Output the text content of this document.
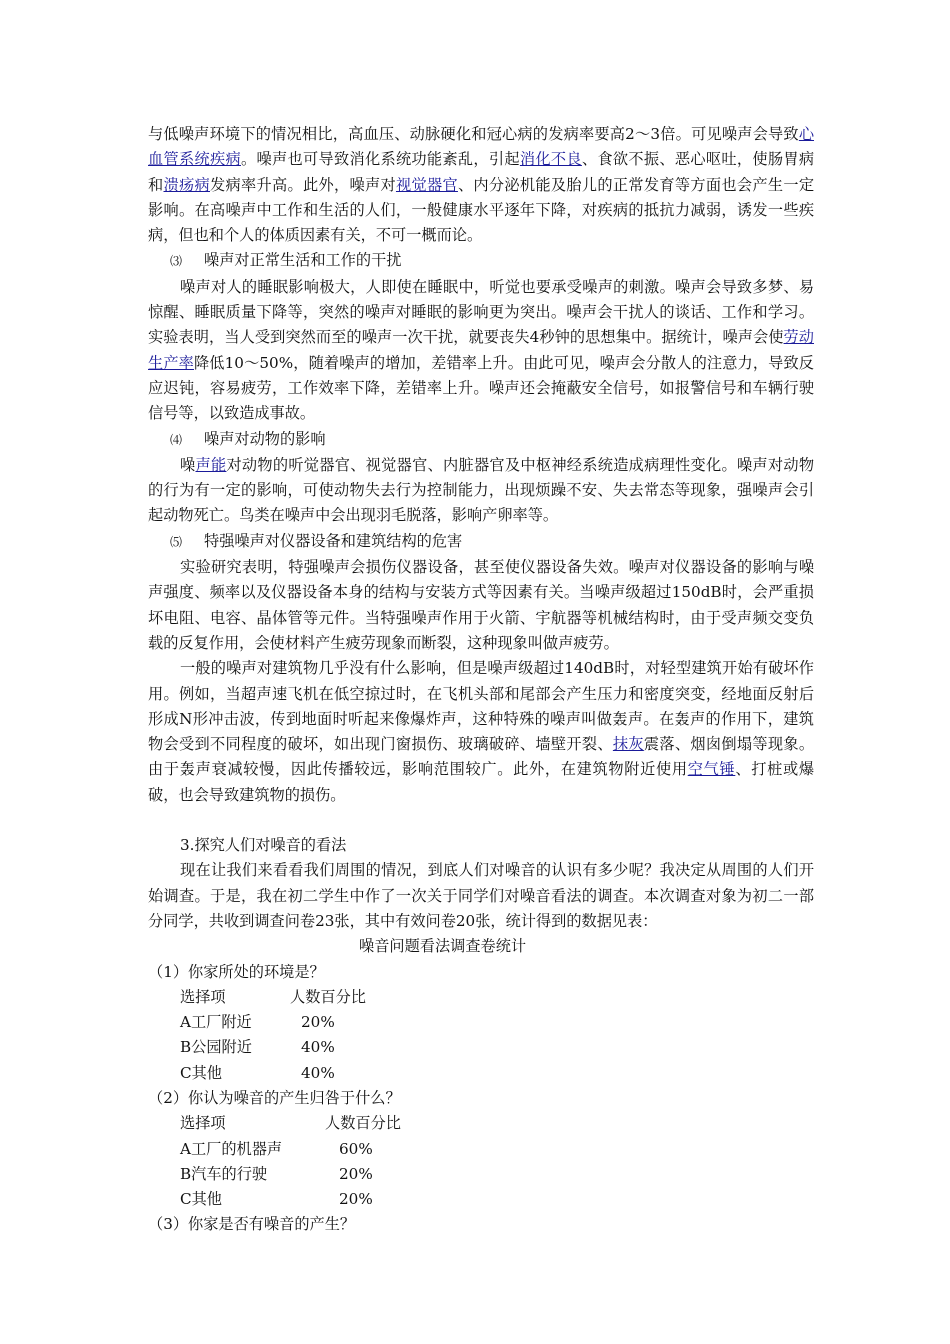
与低噪声环境下的情况相比，高血压、动脉硬化和冠心病的发病率要高2～3倍。可见噪声会导致心血管系统疾病。噪声也可导致消化系统功能紊乱，引起消化不良、食欲不振、恶心呕吐，使肠胃病和溃疡病发病率升高。此外，噪声对视觉器官、内分泌机能及胎儿的正常发育等方面也会产生一定影响。在高噪声中工作和生活的人们，一般健康水平逐年下降，对疾病的抵抗力减弱，诱发一些疾病，但也和个人的体质因素有关，不可一概而论。

⑶ 噪声对正常生活和工作的干扰

噪声对人的睡眠影响极大，人即使在睡眠中，听觉也要承受噪声的刺激。噪声会导致多梦、易惊醒、睡眠质量下降等，突然的噪声对睡眠的影响更为突出。噪声会干扰人的谈话、工作和学习。实验表明，当人受到突然而至的噪声一次干扰，就要丧失4秒钟的思想集中。据统计，噪声会使劳动生产率降低10～50%，随着噪声的增加，差错率上升。由此可见，噪声会分散人的注意力，导致反应迟钝，容易疲劳，工作效率下降，差错率上升。噪声还会掩蔽安全信号，如报警信号和车辆行驶信号等，以致造成事故。

⑷ 噪声对动物的影响

噪声能对动物的听觉器官、视觉器官、内脏器官及中枢神经系统造成病理性变化。噪声对动物的行为有一定的影响，可使动物失去行为控制能力，出现烦躁不安、失去常态等现象，强噪声会引起动物死亡。鸟类在噪声中会出现羽毛脱落，影响产卵率等。

⑸ 特强噪声对仪器设备和建筑结构的危害

实验研究表明，特强噪声会损伤仪器设备，甚至使仪器设备失效。噪声对仪器设备的影响与噪声强度、频率以及仪器设备本身的结构与安装方式等因素有关。当噪声级超过150dB时，会严重损坏电阻、电容、晶体管等元件。当特强噪声作用于火箭、宇航器等机械结构时，由于受声频交变负载的反复作用，会使材料产生疲劳现象而断裂，这种现象叫做声疲劳。

一般的噪声对建筑物几乎没有什么影响，但是噪声级超过140dB时，对轻型建筑开始有破坏作用。例如，当超声速飞机在低空掠过时，在飞机头部和尾部会产生压力和密度突变，经地面反射后形成N形冲击波，传到地面时听起来像爆炸声，这种特殊的噪声叫做轰声。在轰声的作用下，建筑物会受到不同程度的破坏，如出现门窗损伤、玻璃破碎、墙壁开裂、抹灰震落、烟囱倒塌等现象。由于轰声衰减较慢，因此传播较远，影响范围较广。此外，在建筑物附近使用空气锤、打桩或爆破，也会导致建筑物的损伤。

3.探究人们对噪音的看法

现在让我们来看看我们周围的情况，到底人们对噪音的认识有多少呢？我决定从周围的人们开始调查。于是，我在初二学生中作了一次关于同学们对噪音看法的调查。本次调查对象为初二一部分同学，共收到调查问卷23张，其中有效问卷20张，统计得到的数据见表：

噪音问题看法调查卷统计

（1）你家所处的环境是？

选择项	人数百分比
A工厂附近	20%
B公园附近	40%
C其他	40%

（2）你认为噪音的产生归咎于什么？

选择项	人数百分比
A工厂的机器声	60%
B汽车的行驶	20%
C其他	20%

（3）你家是否有噪音的产生？
